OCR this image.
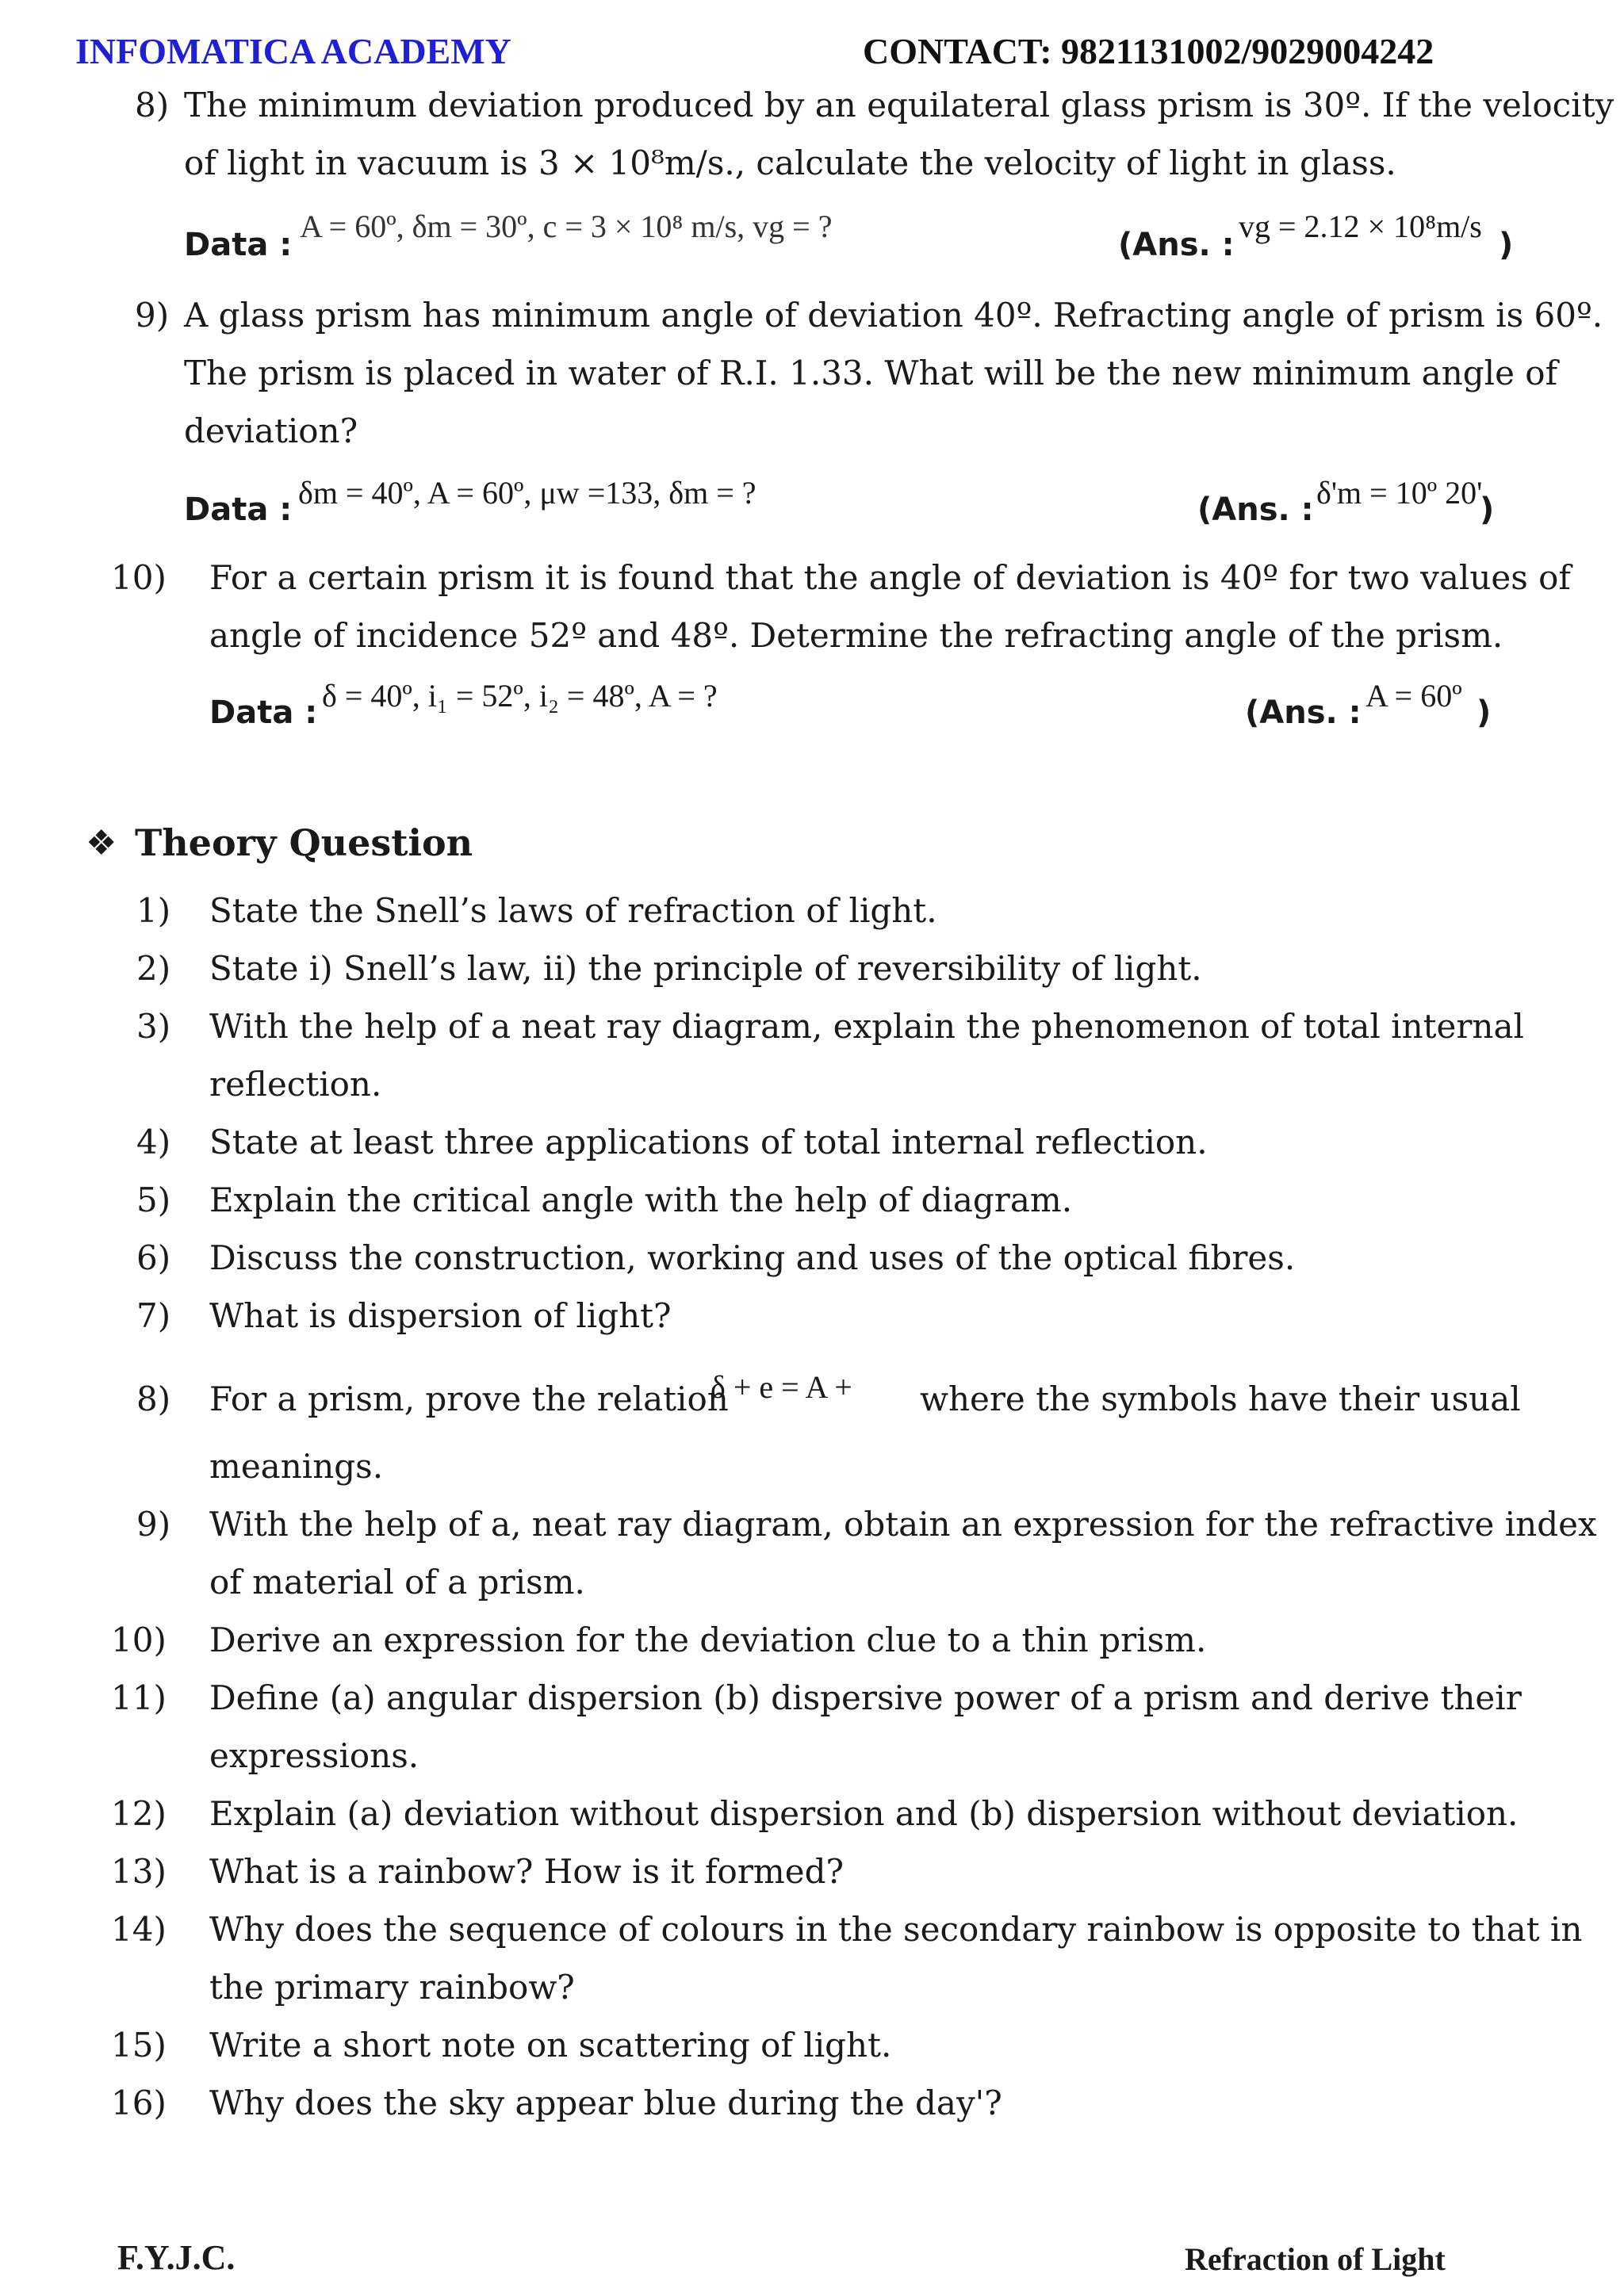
INFOMATICA ACADEMY	CONTACT: 9821131002/9029004242
8) The minimum deviation produced by an equilateral glass prism is 30º. If the velocity
of light in vacuum is 3 × 10⁸m/s., calculate the velocity of light in glass.
Data :
A = 60º, δm = 30º, c = 3 × 10⁸ m/s, vg = ?
(Ans. :
vg = 2.12 × 10⁸m/s
)
9) A glass prism has minimum angle of deviation 40º. Refracting angle of prism is 60º.
The prism is placed in water of R.I. 1.33. What will be the new minimum angle of
deviation?
Data : δm = 40º, A = 60º, μw =133, δm = ?	(Ans. : δ'm = 10º 20'
)
10) For a certain prism it is found that the angle of deviation is 40º for two values of
angle of incidence 52º and 48º. Determine the refracting angle of the prism.
Data : δ = 40º, i₁ = 52º, i₂ = 48º, A = ?	(Ans. : A = 60º )
❖ Theory Question
1) State the Snell’s laws of refraction of light.
2) State i) Snell’s law, ii) the principle of reversibility of light.
3) With the help of a neat ray diagram, explain the phenomenon of total internal
reflection.
4) State at least three applications of total internal reflection.
5) Explain the critical angle with the help of diagram.
6) Discuss the construction, working and uses of the optical fibres.
7) What is dispersion of light?
8) For a prism, prove the relation
δ + e = A + where the symbols have their usual
meanings.
9) With the help of a, neat ray diagram, obtain an expression for the refractive index
of material of a prism.
10) Derive an expression for the deviation clue to a thin prism.
11) Define (a) angular dispersion (b) dispersive power of a prism and derive their
expressions.
12) Explain (a) deviation without dispersion and (b) dispersion without deviation.
13) What is a rainbow? How is it formed?
14) Why does the sequence of colours in the secondary rainbow is opposite to that in
the primary rainbow?
15) Write a short note on scattering of light.
16) Why does the sky appear blue during the day'?
F.Y.J.C.	Refraction of Light
